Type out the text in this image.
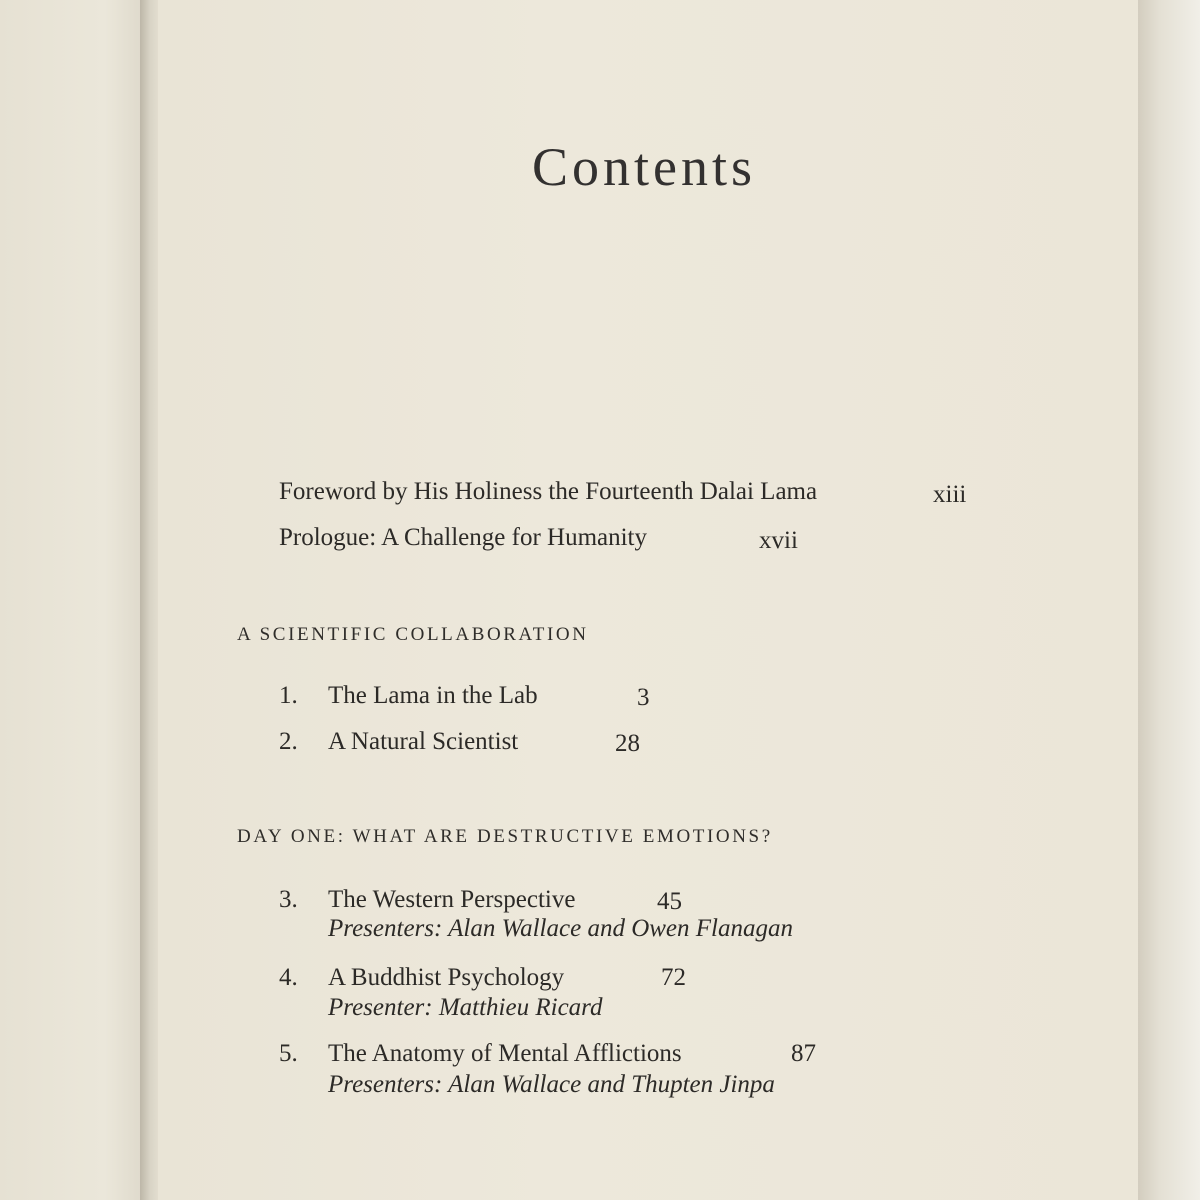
Contents
Foreword by His Holiness the Fourteenth Dalai Lama	xiii
Prologue: A Challenge for Humanity	xvii
A SCIENTIFIC COLLABORATION
1. The Lama in the Lab	3
2. A Natural Scientist	28
DAY ONE: WHAT ARE DESTRUCTIVE EMOTIONS?
3. The Western Perspective	45
Presenters: Alan Wallace and Owen Flanagan
4. A Buddhist Psychology	72
Presenter: Matthieu Ricard
5. The Anatomy of Mental Afflictions	87
Presenters: Alan Wallace and Thupten Jinpa
